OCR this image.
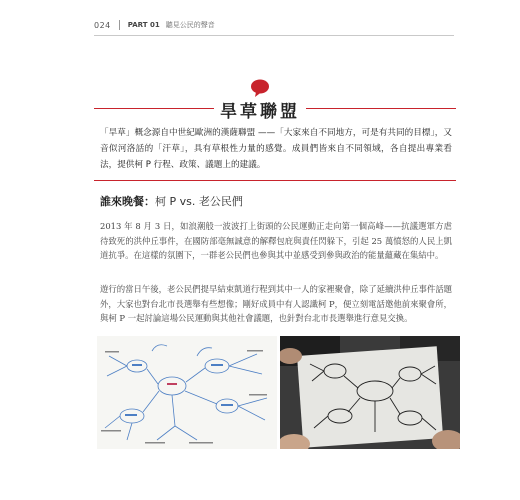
024 PART 01 聽見公民的聲音
旱草聯盟
「旱草」概念源自中世紀歐洲的漢薩聯盟 ——「大家來自不同地方，可是有共同的目標」，又音似河洛話的「汗草」，具有草根性力量的感覺。成員們皆來自不同領域，各自提出專業看法，提供柯 P 行程、政策、議題上的建議。
誰來晚餐：柯 P vs. 老公民們
2013 年 8 月 3 日，如浪潮般一波波打上街頭的公民運動正走向第一個高峰——抗議選軍方虐待致死的洪仲丘事件，在國防部毫無誠意的解釋包庇與責任閃躲下，引起 25 萬憤怒的人民上凱道抗爭。在這樣的氛圍下，一群老公民們也參與其中並感受到參與政治的能量蘊藏在集結中。
遊行的當日午後，老公民們提早結束凱道行程到其中一人的家裡聚會，除了延續洪仲丘事件話題外，大家也對台北市長選舉有些想像；剛好成員中有人認識柯 P，便立刻電話邀他前來聚會所，與柯 P 一起討論這場公民運動與其他社會議題，也針對台北市長選舉進行意見交換。
